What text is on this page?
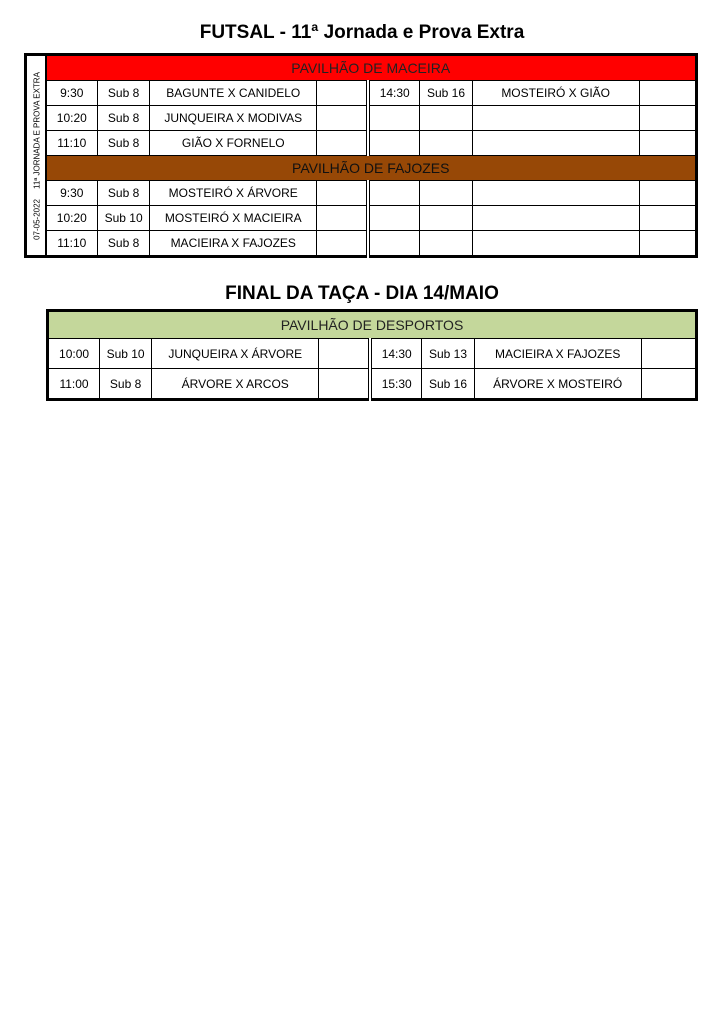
FUTSAL - 11ª Jornada e Prova Extra
07-05-2022
11ª JORNADA E PROVA EXTRA	PAVILHÃO DE MACEIRA							
	9:30	Sub 8	BAGUNTE X CANIDELO		14:30	Sub 16	MOSTEIRÓ X GIÃO	
	10:20	Sub 8	JUNQUEIRA X MODIVAS					
	11:10	Sub 8	GIÃO X FORNELO					
	PAVILHÃO DE FAJOZES							
	9:30	Sub 8	MOSTEIRÓ X ÁRVORE					
	10:20	Sub 10	MOSTEIRÓ X MACIEIRA					
	11:10	Sub 8	MACIEIRA X FAJOZES					
FINAL DA TAÇA - DIA 14/MAIO
PAVILHÃO DE DESPORTOS							
10:00	Sub 10	JUNQUEIRA X ÁRVORE		14:30	Sub 13	MACIEIRA X FAJOZES	
11:00	Sub 8	ÁRVORE X ARCOS		15:30	Sub 16	ÁRVORE X MOSTEIRÓ	
